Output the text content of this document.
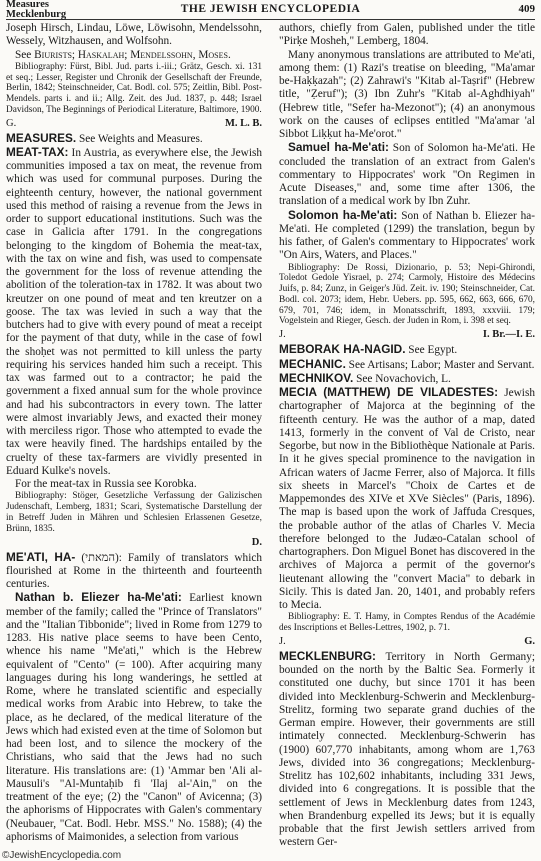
Measures
Mecklenburg	THE JEWISH ENCYCLOPEDIA	409

Joseph Hirsch, Lindau, Löwe, Löwisohn, Mendelssohn, Wessely, Witzhausen, and Wolfsohn.

See Biurists; Haskalah; Mendelssohn, Moses.

Bibliography: Fürst, Bibl. Jud. parts i.-iii.; Grätz, Gesch. xi. 131 et seq.; Lesser, Register und Chronik der Gesellschaft der Freunde, Berlin, 1842; Steinschneider, Cat. Bodl. col. 575; Zeitlin, Bibl. Post-Mendels. parts i. and ii.; Allg. Zeit. des Jud. 1837, p. 448; Israel Davidson, The Beginnings of Periodical Literature, Baltimore, 1900.

G.	M. L. B.

MEASURES. See Weights and Measures.

MEAT-TAX: In Austria, as everywhere else, the Jewish communities imposed a tax on meat, the revenue from which was used for communal purposes. During the eighteenth century, however, the national government used this method of raising a revenue from the Jews in order to support educational institutions. Such was the case in Galicia after 1791. In the congregations belonging to the kingdom of Bohemia the meat-tax, with the tax on wine and fish, was used to compensate the government for the loss of revenue attending the abolition of the toleration-tax in 1782. It was about two kreutzer on one pound of meat and ten kreutzer on a goose. The tax was levied in such a way that the butchers had to give with every pound of meat a receipt for the payment of that duty, while in the case of fowl the shoḥet was not permitted to kill unless the party requiring his services handed him such a receipt. This tax was farmed out to a contractor; he paid the government a fixed annual sum for the whole province and had his subcontractors in every town. The latter were almost invariably Jews, and exacted their money with merciless rigor. Those who attempted to evade the tax were heavily fined. The hardships entailed by the cruelty of these tax-farmers are vividly presented in Eduard Kulke's novels.

For the meat-tax in Russia see Korobka.

Bibliography: Stöger, Gesetzliche Verfassung der Galizischen Judenschaft, Lemberg, 1831; Scari, Systematische Darstellung der in Betreff Juden in Mähren und Schlesien Erlassenen Gesetze, Brünn, 1835.

D.

ME'ATI, HA- (המאתי): Family of translators which flourished at Rome in the thirteenth and fourteenth centuries.

Nathan b. Eliezer ha-Me'ati: Earliest known member of the family; called the "Prince of Translators" and the "Italian Tibbonide"; lived in Rome from 1279 to 1283. His native place seems to have been Cento, whence his name "Me'ati," which is the Hebrew equivalent of "Cento" (= 100). After acquiring many languages during his long wanderings, he settled at Rome, where he translated scientific and especially medical works from Arabic into Hebrew, to take the place, as he declared, of the medical literature of the Jews which had existed even at the time of Solomon but had been lost, and to silence the mockery of the Christians, who said that the Jews had no such literature. His translations are: (1) 'Ammar ben 'Ali al-Mausuli's "Al-Muntaḥib fi 'Ilaj al-'Ain," on the treatment of the eye; (2) the "Canon" of Avicenna; (3) the aphorisms of Hippocrates with Galen's commentary (Neubauer, "Cat. Bodl. Hebr. MSS." No. 1588); (4) the aphorisms of Maimonides, a selection from various

authors, chiefly from Galen, published under the title "Pirḳe Mosheh," Lemberg, 1804.

Many anonymous translations are attributed to Me'ati, among them: (1) Razi's treatise on bleeding, "Ma'amar be-Haḳḳazah"; (2) Zahrawi's "Kitab al-Taṣrif" (Hebrew title, "Ẓeruf"); (3) Ibn Zuhr's "Kitab al-Aghdhiyah" (Hebrew title, "Sefer ha-Mezonot"); (4) an anonymous work on the causes of eclipses entitled "Ma'amar 'al Sibbot Liḳḳut ha-Me'orot."

Samuel ha-Me'ati: Son of Solomon ha-Me'ati. He concluded the translation of an extract from Galen's commentary to Hippocrates' work "On Regimen in Acute Diseases," and, some time after 1306, the translation of a medical work by Ibn Zuhr.

Solomon ha-Me'ati: Son of Nathan b. Eliezer ha-Me'ati. He completed (1299) the translation, begun by his father, of Galen's commentary to Hippocrates' work "On Airs, Waters, and Places."

Bibliography: De Rossi, Dizionario, p. 53; Nepi-Ghirondi, Toledot Gedole Yisrael, p. 274; Carmoly, Histoire des Médecins Juifs, p. 84; Zunz, in Geiger's Jüd. Zeit. iv. 190; Steinschneider, Cat. Bodl. col. 2073; idem, Hebr. Uebers. pp. 595, 662, 663, 666, 670, 679, 701, 746; idem, in Monatsschrift, 1893, xxxviii. 179; Vogelstein and Rieger, Gesch. der Juden in Rom, i. 398 et seq.

J.	I. Br.—I. E.

MEBORAK HA-NAGID. See Egypt.

MECHANIC. See Artisans; Labor; Master and Servant.

MECHNIKOV. See Novachovich, L.

MECIA (MATTHEW) DE VILADESTES: Jewish chartographer of Majorca at the beginning of the fifteenth century. He was the author of a map, dated 1413, formerly in the convent of Val de Cristo, near Segorbe, but now in the Bibliothèque Nationale at Paris. In it he gives special prominence to the navigation in African waters of Jacme Ferrer, also of Majorca. It fills six sheets in Marcel's "Choix de Cartes et de Mappemondes des XIVe et XVe Siècles" (Paris, 1896). The map is based upon the work of Jaffuda Cresques, the probable author of the atlas of Charles V. Mecia therefore belonged to the Judæo-Catalan school of chartographers. Don Miguel Bonet has discovered in the archives of Majorca a permit of the governor's lieutenant allowing the "convert Macia" to debark in Sicily. This is dated Jan. 20, 1401, and probably refers to Mecia.

Bibliography: E. T. Hamy, in Comptes Rendus of the Académie des Inscriptions et Belles-Lettres, 1902, p. 71.

J.	G.

MECKLENBURG: Territory in North Germany; bounded on the north by the Baltic Sea. Formerly it constituted one duchy, but since 1701 it has been divided into Mecklenburg-Schwerin and Mecklenburg-Strelitz, forming two separate grand duchies of the German empire. However, their governments are still intimately connected. Mecklenburg-Schwerin has (1900) 607,770 inhabitants, among whom are 1,763 Jews, divided into 36 congregations; Mecklenburg-Strelitz has 102,602 inhabitants, including 331 Jews, divided into 6 congregations. It is possible that the settlement of Jews in Mecklenburg dates from 1243, when Brandenburg expelled its Jews; but it is equally probable that the first Jewish settlers arrived from western Ger-

©JewishEncyclopedia.com
